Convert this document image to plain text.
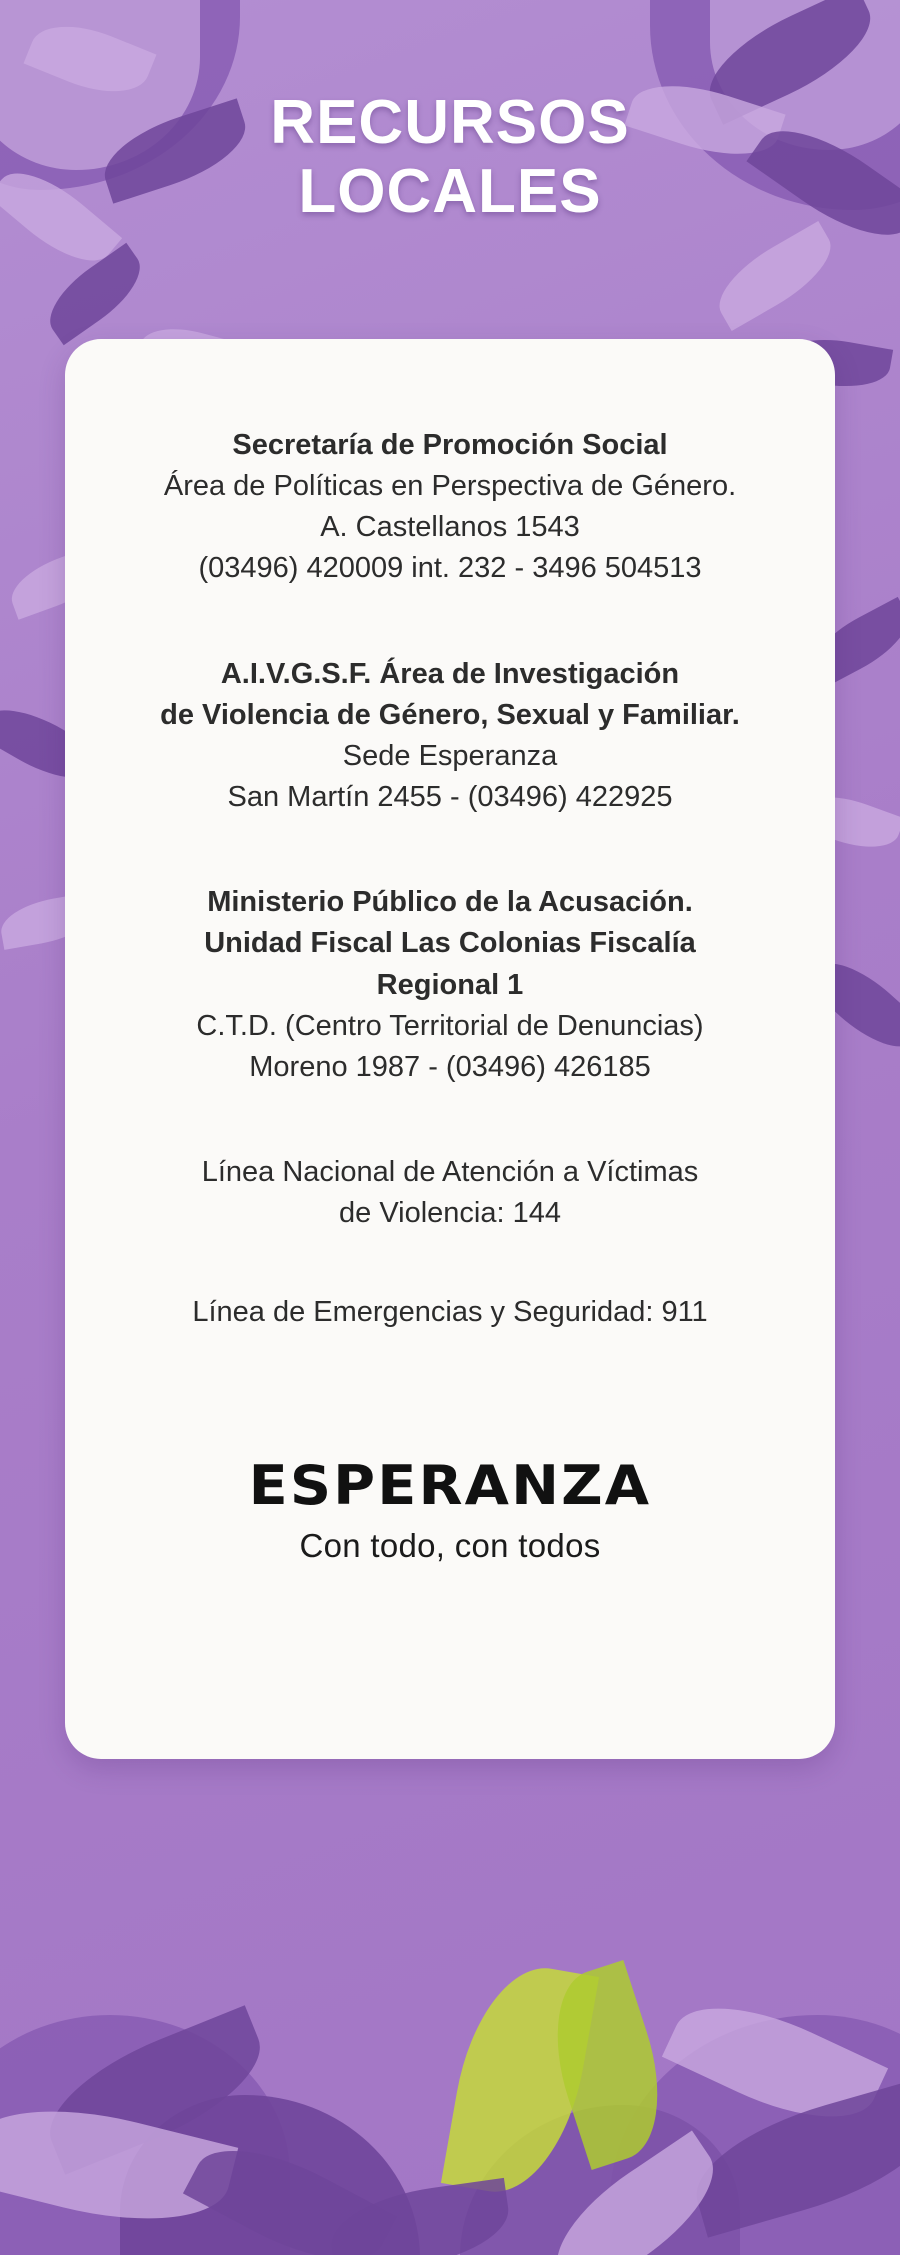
RECURSOS
LOCALES

Secretaría de Promoción Social

Área de Políticas en Perspectiva de Género.

A. Castellanos 1543

(03496) 420009 int. 232 - 3496 504513

A.I.V.G.S.F. Área de Investigación

de Violencia de Género, Sexual y Familiar.

Sede Esperanza

San Martín 2455 - (03496) 422925

Ministerio Público de la Acusación.

Unidad Fiscal Las Colonias Fiscalía

Regional 1

C.T.D. (Centro Territorial de Denuncias)

Moreno 1987 - (03496) 426185

Línea Nacional de Atención a Víctimas

de Violencia: 144

Línea de Emergencias y Seguridad: 911

ESPERANZA
Con todo, con todos
